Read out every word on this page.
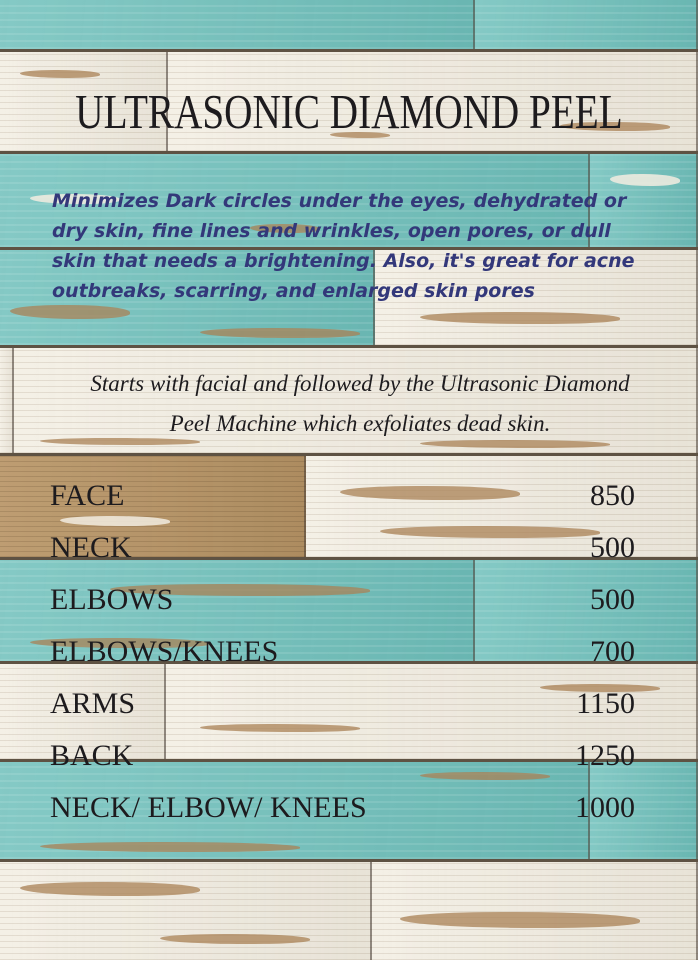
ULTRASONIC DIAMOND PEEL
Minimizes Dark circles under the eyes, dehydrated or
dry skin, fine lines and wrinkles, open pores, or dull
skin that needs a brightening. Also, it's great for acne
outbreaks, scarring, and enlarged skin pores
Starts with facial and followed by the Ultrasonic Diamond
Peel Machine which exfoliates dead skin.
FACE	850
NECK	500
ELBOWS	500
ELBOWS/KNEES	700
ARMS	1150
BACK	1250
NECK/ ELBOW/ KNEES	1000
